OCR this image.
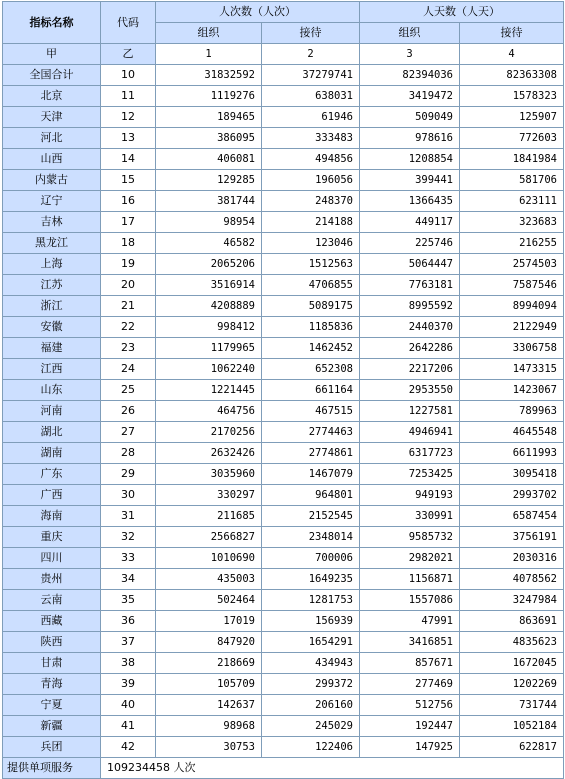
指标名称	代码	人次数（人次）		人天数（人天）	
		组织	接待	组织	接待
甲	乙	1	2	3	4
全国合计	10	31832592	37279741	82394036	82363308
北京	11	1119276	638031	3419472	1578323
天津	12	189465	61946	509049	125907
河北	13	386095	333483	978616	772603
山西	14	406081	494856	1208854	1841984
内蒙古	15	129285	196056	399441	581706
辽宁	16	381744	248370	1366435	623111
吉林	17	98954	214188	449117	323683
黑龙江	18	46582	123046	225746	216255
上海	19	2065206	1512563	5064447	2574503
江苏	20	3516914	4706855	7763181	7587546
浙江	21	4208889	5089175	8995592	8994094
安徽	22	998412	1185836	2440370	2122949
福建	23	1179965	1462452	2642286	3306758
江西	24	1062240	652308	2217206	1473315
山东	25	1221445	661164	2953550	1423067
河南	26	464756	467515	1227581	789963
湖北	27	2170256	2774463	4946941	4645548
湖南	28	2632426	2774861	6317723	6611993
广东	29	3035960	1467079	7253425	3095418
广西	30	330297	964801	949193	2993702
海南	31	211685	2152545	330991	6587454
重庆	32	2566827	2348014	9585732	3756191
四川	33	1010690	700006	2982021	2030316
贵州	34	435003	1649235	1156871	4078562
云南	35	502464	1281753	1557086	3247984
西藏	36	17019	156939	47991	863691
陕西	37	847920	1654291	3416851	4835623
甘肃	38	218669	434943	857671	1672045
青海	39	105709	299372	277469	1202269
宁夏	40	142637	206160	512756	731744
新疆	41	98968	245029	192447	1052184
兵团	42	30753	122406	147925	622817
提供单项服务	109234458 人次				
